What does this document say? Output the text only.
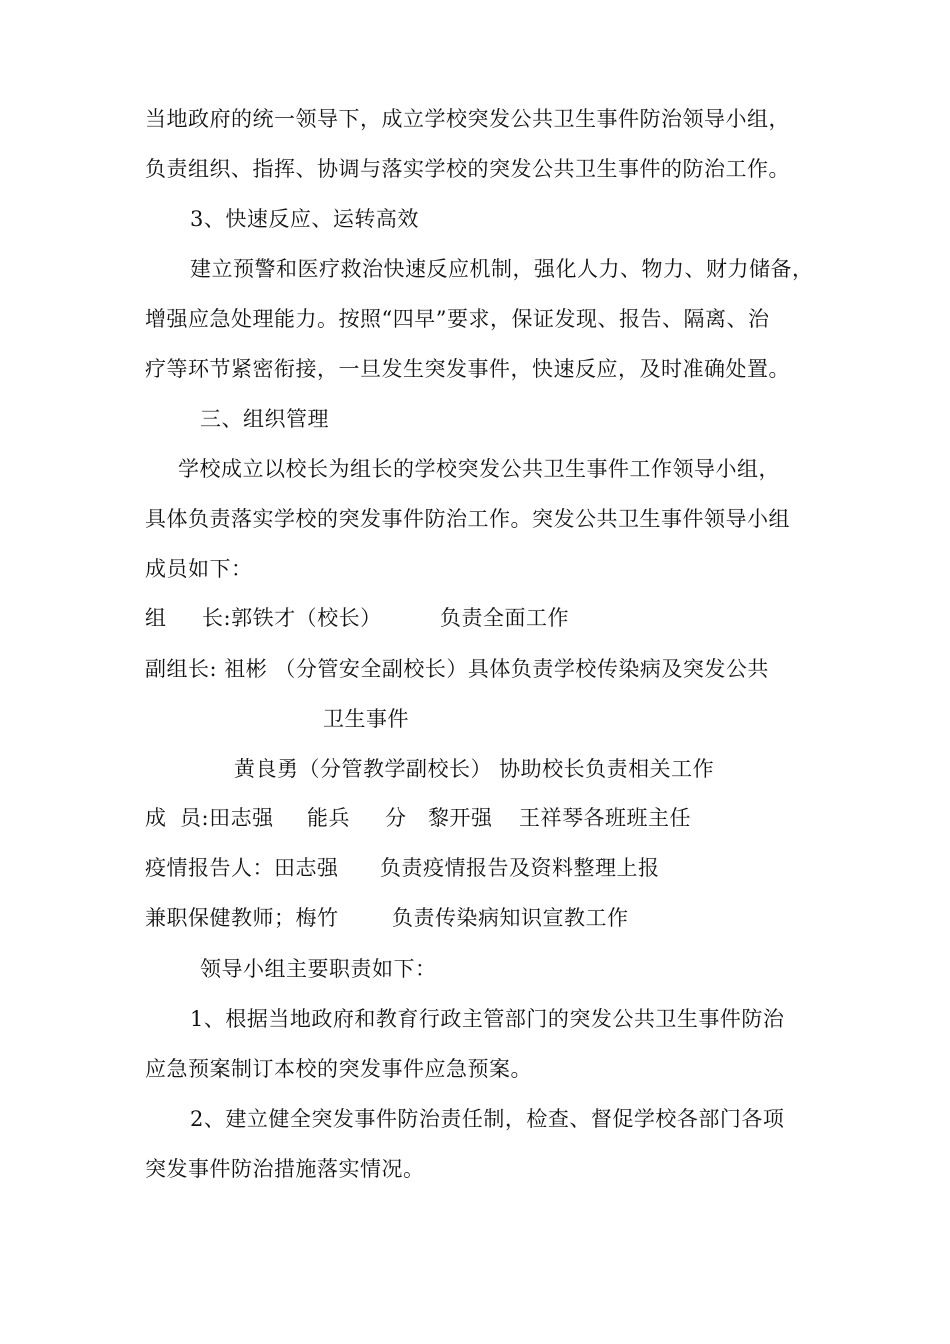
当地政府的统一领导下，成立学校突发公共卫生事件防治领导小组，
负责组织、指挥、协调与落实学校的突发公共卫生事件的防治工作。
3、快速反应、运转高效
建立预警和医疗救治快速反应机制，强化人力、物力、财力储备，
增强应急处理能力。按照“四早”要求，保证发现、报告、隔离、治
疗等环节紧密衔接，一旦发生突发事件，快速反应，及时准确处置。
三、组织管理
学校成立以校长为组长的学校突发公共卫生事件工作领导小组，
具体负责落实学校的突发事件防治工作。突发公共卫生事件领导小组
成员如下：
组 长:郭铁才（校长）	负责全面工作
副组长: 祖彬 （分管安全副校长）具体负责学校传染病及突发公共
卫生事件
黄良勇（分管教学副校长） 协助校长负责相关工作
成 员:田志强 能兵 分 黎开强 王祥琴各班班主任
疫情报告人：田志强 负责疫情报告及资料整理上报
兼职保健教师；梅竹	负责传染病知识宣教工作
领导小组主要职责如下：
1、根据当地政府和教育行政主管部门的突发公共卫生事件防治
应急预案制订本校的突发事件应急预案。
2、建立健全突发事件防治责任制，检查、督促学校各部门各项
突发事件防治措施落实情况。
